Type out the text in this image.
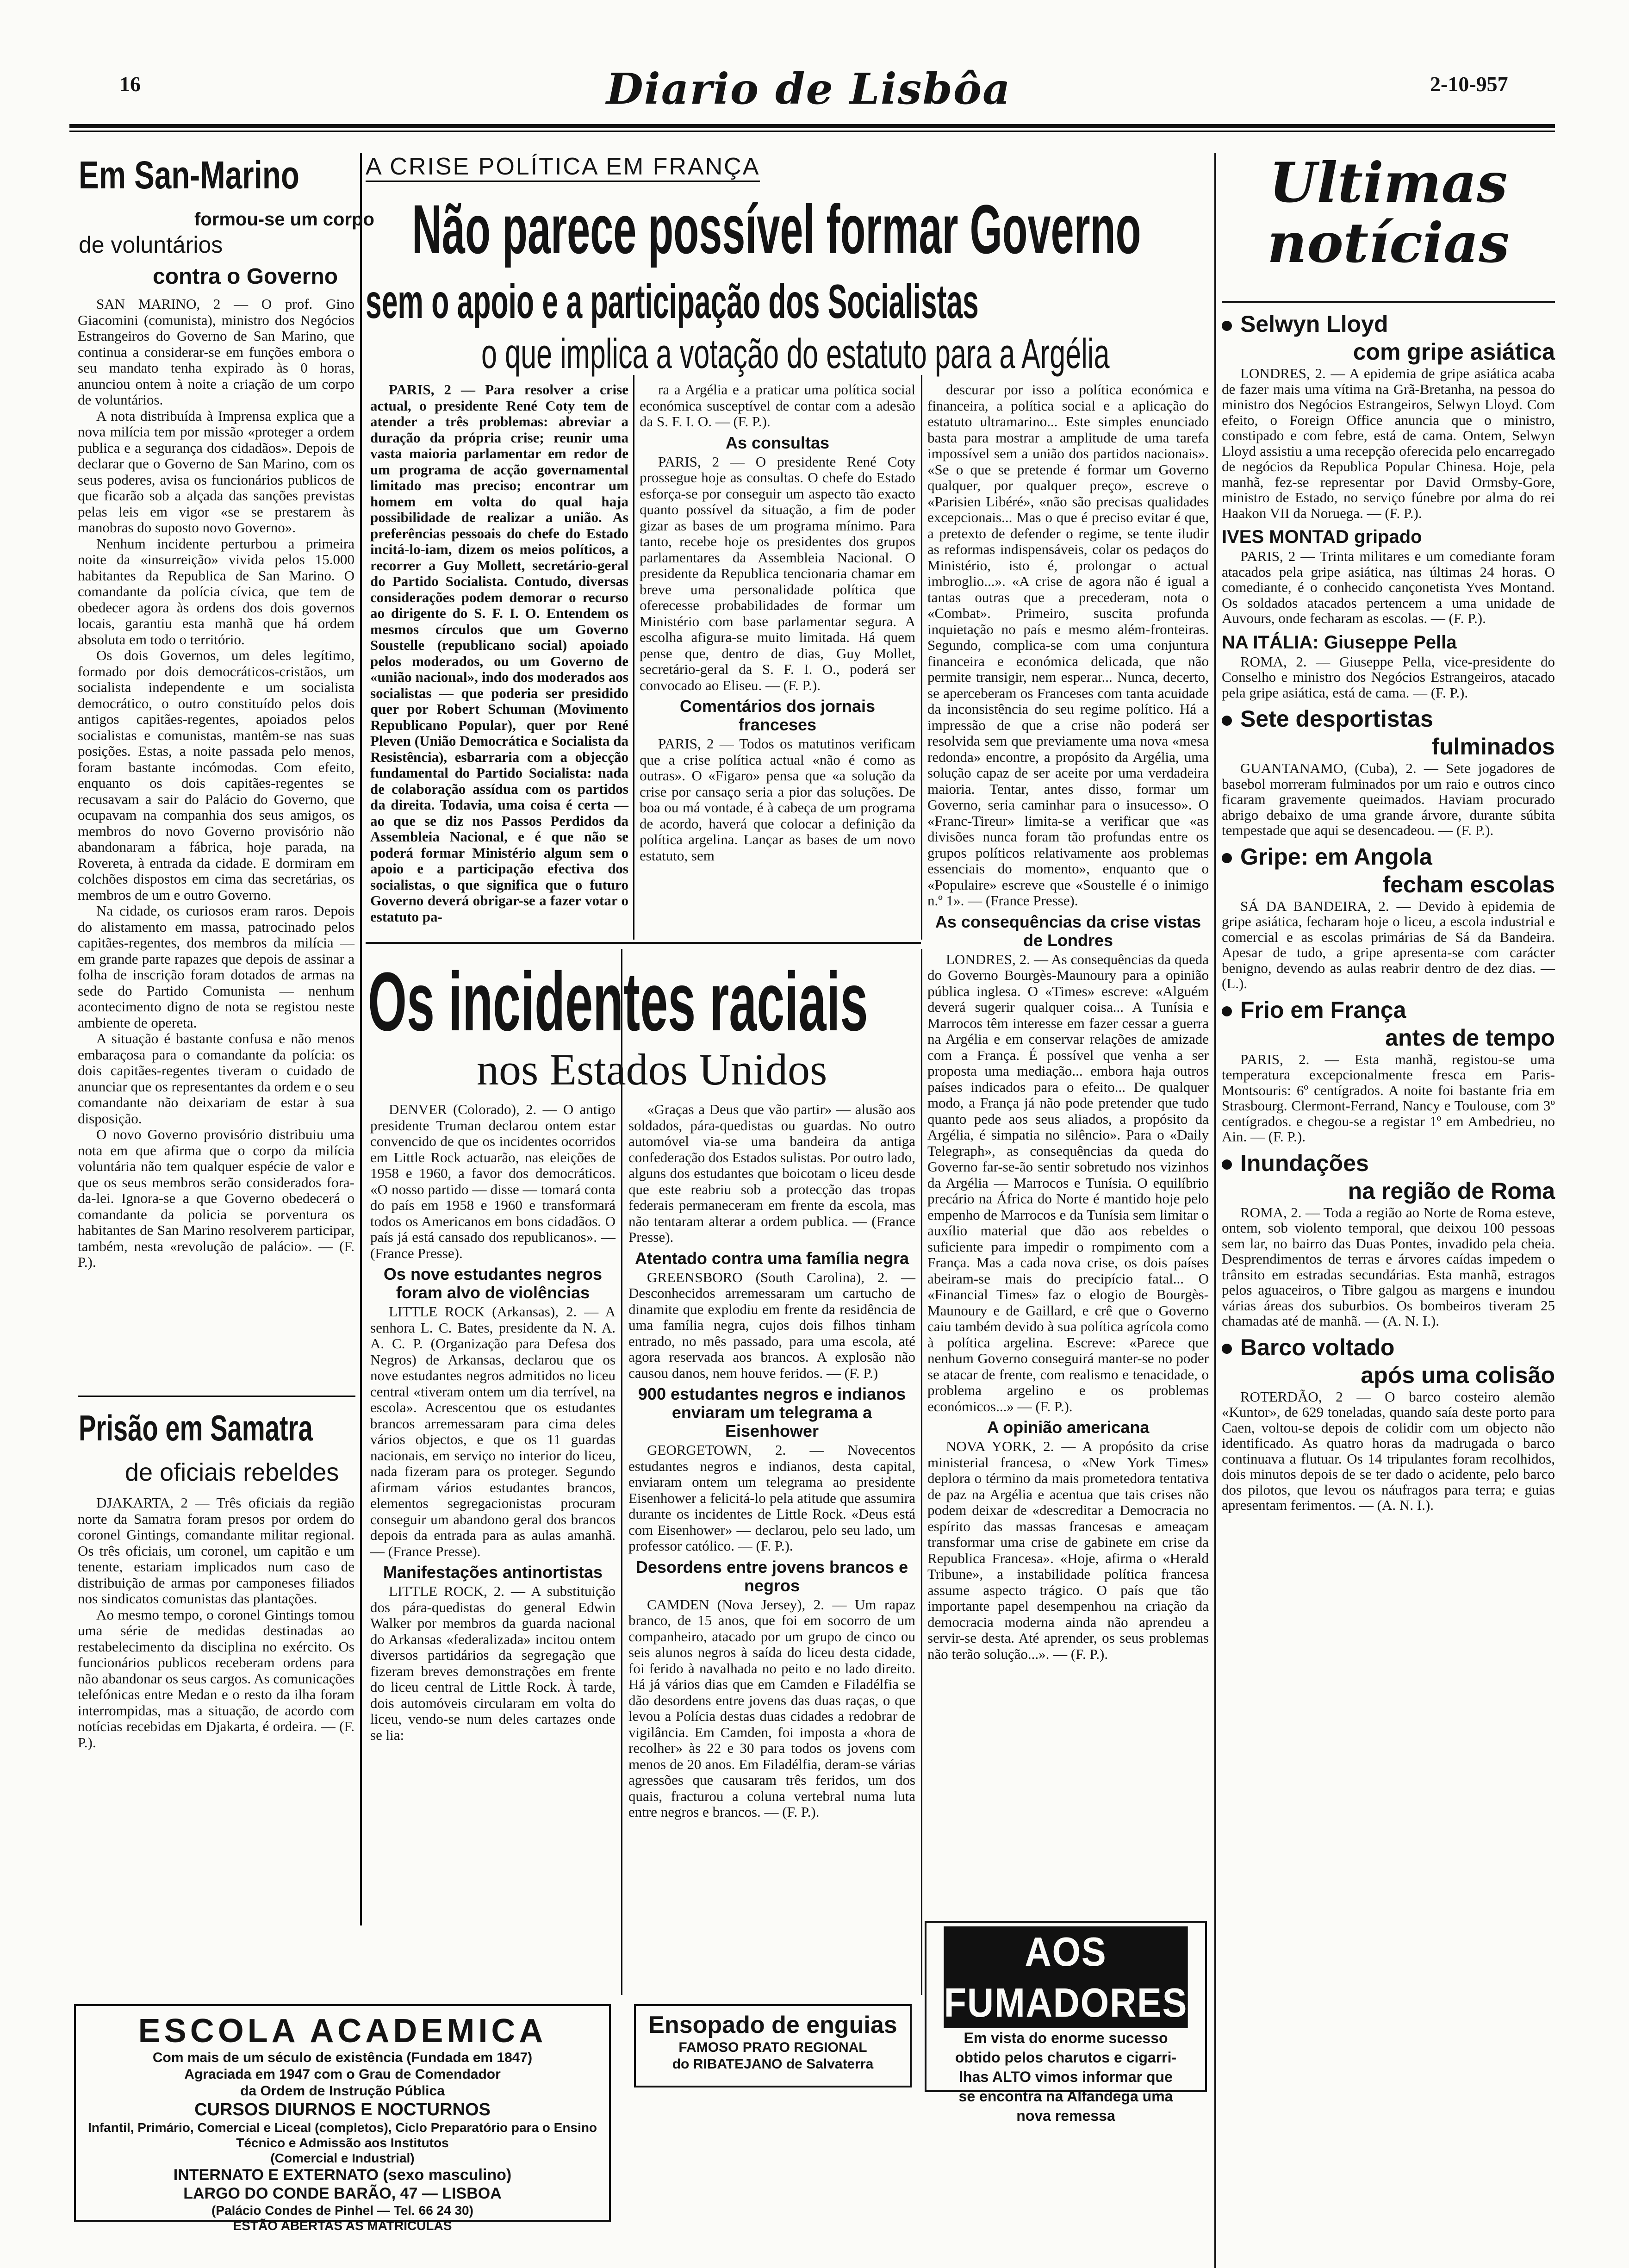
16	Diario de Lisbôa	2-10-957
Em San-Marino
formou-se um corpo
de voluntários
contra o Governo

SAN MARINO, 2 — O prof. Gino Giacomini (comunista), ministro dos Negócios Estrangeiros do Governo de San Marino, que continua a considerar-se em funções embora o seu mandato tenha expirado às 0 horas, anunciou ontem à noite a criação de um corpo de voluntários.

A nota distribuída à Imprensa explica que a nova milícia tem por missão «proteger a ordem publica e a segurança dos cidadãos». Depois de declarar que o Governo de San Marino, com os seus poderes, avisa os funcionários publicos de que ficarão sob a alçada das sanções previstas pelas leis em vigor «se se prestarem às manobras do suposto novo Governo».

Nenhum incidente perturbou a primeira noite da «insurreição» vivida pelos 15.000 habitantes da Republica de San Marino. O comandante da polícia cívica, que tem de obedecer agora às ordens dos dois governos locais, garantiu esta manhã que há ordem absoluta em todo o território.

Os dois Governos, um deles legítimo, formado por dois democráticos-cristãos, um socialista independente e um socialista democrático, o outro constituído pelos dois antigos capitães-regentes, apoiados pelos socialistas e comunistas, mantêm-se nas suas posições. Estas, a noite passada pelo menos, foram bastante incómodas. Com efeito, enquanto os dois capitães-regentes se recusavam a sair do Palácio do Governo, que ocupavam na companhia dos seus amigos, os membros do novo Governo provisório não abandonaram a fábrica, hoje parada, na Rovereta, à entrada da cidade. E dormiram em colchões dispostos em cima das secretárias, os membros de um e outro Governo.

Na cidade, os curiosos eram raros. Depois do alistamento em massa, patrocinado pelos capitães-regentes, dos membros da milícia — em grande parte rapazes que depois de assinar a folha de inscrição foram dotados de armas na sede do Partido Comunista — nenhum acontecimento digno de nota se registou neste ambiente de opereta.

A situação é bastante confusa e não menos embaraçosa para o comandante da polícia: os dois capitães-regentes tiveram o cuidado de anunciar que os representantes da ordem e o seu comandante não deixariam de estar à sua disposição.

O novo Governo provisório distribuiu uma nota em que afirma que o corpo da milícia voluntária não tem qualquer espécie de valor e que os seus membros serão considerados fora-da-lei. Ignora-se a que Governo obedecerá o comandante da policia se porventura os habitantes de San Marino resolverem participar, também, nesta «revolução de palácio». — (F. P.).

Prisão em Samatra
de oficiais rebeldes

DJAKARTA, 2 — Três oficiais da região norte da Samatra foram presos por ordem do coronel Gintings, comandante militar regional. Os três oficiais, um coronel, um capitão e um tenente, estariam implicados num caso de distribuição de armas por camponeses filiados nos sindicatos comunistas das plantações.

Ao mesmo tempo, o coronel Gintings tomou uma série de medidas destinadas ao restabelecimento da disciplina no exército. Os funcionários publicos receberam ordens para não abandonar os seus cargos. As comunicações telefónicas entre Medan e o resto da ilha foram interrompidas, mas a situação, de acordo com notícias recebidas em Djakarta, é ordeira. — (F. P.).

A CRISE POLÍTICA EM FRANÇA
Não parece possível formar Governo
sem o apoio e a participação dos Socialistas
o que implica a votação do estatuto para a Argélia

PARIS, 2 — Para resolver a crise actual, o presidente René Coty tem de atender a três problemas: abreviar a duração da própria crise; reunir uma vasta maioria parlamentar em redor de um programa de acção governamental limitado mas preciso; encontrar um homem em volta do qual haja possibilidade de realizar a união. As preferências pessoais do chefe do Estado incitá-lo-iam, dizem os meios políticos, a recorrer a Guy Mollett, secretário-geral do Partido Socialista. Contudo, diversas considerações podem demorar o recurso ao dirigente do S. F. I. O. Entendem os mesmos círculos que um Governo Soustelle (republicano social) apoiado pelos moderados, ou um Governo de «união nacional», indo dos moderados aos socialistas — que poderia ser presidido quer por Robert Schuman (Movimento Republicano Popular), quer por René Pleven (União Democrática e Socialista da Resistência), esbarraria com a objecção fundamental do Partido Socialista: nada de colaboração assídua com os partidos da direita. Todavia, uma coisa é certa — ao que se diz nos Passos Perdidos da Assembleia Nacional, e é que não se poderá formar Ministério algum sem o apoio e a participação efectiva dos socialistas, o que significa que o futuro Governo deverá obrigar-se a fazer votar o estatuto pa-

ra a Argélia e a praticar uma política social económica susceptível de contar com a adesão da S. F. I. O. — (F. P.).

As consultas

PARIS, 2 — O presidente René Coty prossegue hoje as consultas. O chefe do Estado esforça-se por conseguir um aspecto tão exacto quanto possível da situação, a fim de poder gizar as bases de um programa mínimo. Para tanto, recebe hoje os presidentes dos grupos parlamentares da Assembleia Nacional. O presidente da Republica tencionaria chamar em breve uma personalidade política que oferecesse probabilidades de formar um Ministério com base parlamentar segura. A escolha afigura-se muito limitada. Há quem pense que, dentro de dias, Guy Mollet, secretário-geral da S. F. I. O., poderá ser convocado ao Eliseu. — (F. P.).

Comentários dos jornais franceses

PARIS, 2 — Todos os matutinos verificam que a crise política actual «não é como as outras». O «Figaro» pensa que «a solução da crise por cansaço seria a pior das soluções. De boa ou má vontade, é à cabeça de um programa de acordo, haverá que colocar a definição da política argelina. Lançar as bases de um novo estatuto, sem

descurar por isso a política económica e financeira, a política social e a aplicação do estatuto ultramarino... Este simples enunciado basta para mostrar a amplitude de uma tarefa impossível sem a união dos partidos nacionais». «Se o que se pretende é formar um Governo qualquer, por qualquer preço», escreve o «Parisien Libéré», «não são precisas qualidades excepcionais... Mas o que é preciso evitar é que, a pretexto de defender o regime, se tente iludir as reformas indispensáveis, colar os pedaços do Ministério, isto é, prolongar o actual imbroglio...». «A crise de agora não é igual a tantas outras que a precederam, nota o «Combat». Primeiro, suscita profunda inquietação no país e mesmo além-fronteiras. Segundo, complica-se com uma conjuntura financeira e económica delicada, que não permite transigir, nem esperar... Nunca, decerto, se aperceberam os Franceses com tanta acuidade da inconsistência do seu regime político. Há a impressão de que a crise não poderá ser resolvida sem que previamente uma nova «mesa redonda» encontre, a propósito da Argélia, uma solução capaz de ser aceite por uma verdadeira maioria. Tentar, antes disso, formar um Governo, seria caminhar para o insucesso». O «Franc-Tireur» limita-se a verificar que «as divisões nunca foram tão profundas entre os grupos políticos relativamente aos problemas essenciais do momento», enquanto que o «Populaire» escreve que «Soustelle é o inimigo n.º 1». — (France Presse).

As consequências da crise vistas de Londres

LONDRES, 2. — As consequências da queda do Governo Bourgès-Maunoury para a opinião pública inglesa. O «Times» escreve: «Alguém deverá sugerir qualquer coisa... A Tunísia e Marrocos têm interesse em fazer cessar a guerra na Argélia e em conservar relações de amizade com a França. É possível que venha a ser proposta uma mediação... embora haja outros países indicados para o efeito... De qualquer modo, a França já não pode pretender que tudo quanto pede aos seus aliados, a propósito da Argélia, é simpatia no silêncio». Para o «Daily Telegraph», as consequências da queda do Governo far-se-ão sentir sobretudo nos vizinhos da Argélia — Marrocos e Tunísia. O equilíbrio precário na África do Norte é mantido hoje pelo empenho de Marrocos e da Tunísia sem limitar o auxílio material que dão aos rebeldes o suficiente para impedir o rompimento com a França. Mas a cada nova crise, os dois países abeiram-se mais do precipício fatal... O «Financial Times» faz o elogio de Bourgès-Maunoury e de Gaillard, e crê que o Governo caiu também devido à sua política agrícola como à política argelina. Escreve: «Parece que nenhum Governo conseguirá manter-se no poder se atacar de frente, com realismo e tenacidade, o problema argelino e os problemas económicos...» — (F. P.).

A opinião americana

NOVA YORK, 2. — A propósito da crise ministerial francesa, o «New York Times» deplora o término da mais prometedora tentativa de paz na Argélia e acentua que tais crises não podem deixar de «descreditar a Democracia no espírito das massas francesas e ameaçam transformar uma crise de gabinete em crise da Republica Francesa». «Hoje, afirma o «Herald Tribune», a instabilidade política francesa assume aspecto trágico. O país que tão importante papel desempenhou na criação da democracia moderna ainda não aprendeu a servir-se desta. Até aprender, os seus problemas não terão solução...». — (F. P.).

Os incidentes raciais
nos Estados Unidos

DENVER (Colorado), 2. — O antigo presidente Truman declarou ontem estar convencido de que os incidentes ocorridos em Little Rock actuarão, nas eleições de 1958 e 1960, a favor dos democráticos. «O nosso partido — disse — tomará conta do país em 1958 e 1960 e transformará todos os Americanos em bons cidadãos. O país já está cansado dos republicanos». — (France Presse).

Os nove estudantes negros foram alvo de violências

LITTLE ROCK (Arkansas), 2. — A senhora L. C. Bates, presidente da N. A. A. C. P. (Organização para Defesa dos Negros) de Arkansas, declarou que os nove estudantes negros admitidos no liceu central «tiveram ontem um dia terrível, na escola». Acrescentou que os estudantes brancos arremessaram para cima deles vários objectos, e que os 11 guardas nacionais, em serviço no interior do liceu, nada fizeram para os proteger. Segundo afirmam vários estudantes brancos, elementos segregacionistas procuram conseguir um abandono geral dos brancos depois da entrada para as aulas amanhã. — (France Presse).

Manifestações antinortistas

LITTLE ROCK, 2. — A substituição dos pára-quedistas do general Edwin Walker por membros da guarda nacional do Arkansas «federalizada» incitou ontem diversos partidários da segregação que fizeram breves demonstrações em frente do liceu central de Little Rock. À tarde, dois automóveis circularam em volta do liceu, vendo-se num deles cartazes onde se lia:

«Graças a Deus que vão partir» — alusão aos soldados, pára-quedistas ou guardas. No outro automóvel via-se uma bandeira da antiga confederação dos Estados sulistas. Por outro lado, alguns dos estudantes que boicotam o liceu desde que este reabriu sob a protecção das tropas federais permaneceram em frente da escola, mas não tentaram alterar a ordem publica. — (France Presse).

Atentado contra uma família negra

GREENSBORO (South Carolina), 2. — Desconhecidos arremessaram um cartucho de dinamite que explodiu em frente da residência de uma família negra, cujos dois filhos tinham entrado, no mês passado, para uma escola, até agora reservada aos brancos. A explosão não causou danos, nem houve feridos. — (F. P.)

900 estudantes negros e indianos enviaram um telegrama a Eisenhower

GEORGETOWN, 2. — Novecentos estudantes negros e indianos, desta capital, enviaram ontem um telegrama ao presidente Eisenhower a felicitá-lo pela atitude que assumira durante os incidentes de Little Rock. «Deus está com Eisenhower» — declarou, pelo seu lado, um professor católico. — (F. P.).

Desordens entre jovens brancos e negros

CAMDEN (Nova Jersey), 2. — Um rapaz branco, de 15 anos, que foi em socorro de um companheiro, atacado por um grupo de cinco ou seis alunos negros à saída do liceu desta cidade, foi ferido à navalhada no peito e no lado direito. Há já vários dias que em Camden e Filadélfia se dão desordens entre jovens das duas raças, o que levou a Polícia destas duas cidades a redobrar de vigilância. Em Camden, foi imposta a «hora de recolher» às 22 e 30 para todos os jovens com menos de 20 anos. Em Filadélfia, deram-se várias agressões que causaram três feridos, um dos quais, fracturou a coluna vertebral numa luta entre negros e brancos. — (F. P.).

Ultimas
notícias
Selwyn Lloyd
com gripe asiática

LONDRES, 2. — A epidemia de gripe asiática acaba de fazer mais uma vítima na Grã-Bretanha, na pessoa do ministro dos Negócios Estrangeiros, Selwyn Lloyd. Com efeito, o Foreign Office anuncia que o ministro, constipado e com febre, está de cama. Ontem, Selwyn Lloyd assistiu a uma recepção oferecida pelo encarregado de negócios da Republica Popular Chinesa. Hoje, pela manhã, fez-se representar por David Ormsby-Gore, ministro de Estado, no serviço fúnebre por alma do rei Haakon VII da Noruega. — (F. P.).

IVES MONTAD gripado

PARIS, 2 — Trinta militares e um comediante foram atacados pela gripe asiática, nas últimas 24 horas. O comediante, é o conhecido cançonetista Yves Montand. Os soldados atacados pertencem a uma unidade de Auvours, onde fecharam as escolas. — (F. P.).

NA ITÁLIA: Giuseppe Pella

ROMA, 2. — Giuseppe Pella, vice-presidente do Conselho e ministro dos Negócios Estrangeiros, atacado pela gripe asiática, está de cama. — (F. P.).

Sete desportistas
fulminados

GUANTANAMO, (Cuba), 2. — Sete jogadores de basebol morreram fulminados por um raio e outros cinco ficaram gravemente queimados. Haviam procurado abrigo debaixo de uma grande árvore, durante súbita tempestade que aqui se desencadeou. — (F. P.).

Gripe: em Angola
fecham escolas

SÁ DA BANDEIRA, 2. — Devido à epidemia de gripe asiática, fecharam hoje o liceu, a escola industrial e comercial e as escolas primárias de Sá da Bandeira. Apesar de tudo, a gripe apresenta-se com carácter benigno, devendo as aulas reabrir dentro de dez dias. — (L.).

Frio em França
antes de tempo

PARIS, 2. — Esta manhã, registou-se uma temperatura excepcionalmente fresca em Paris-Montsouris: 6º centígrados. A noite foi bastante fria em Strasbourg. Clermont-Ferrand, Nancy e Toulouse, com 3º centígrados. e chegou-se a registar 1º em Ambedrieu, no Ain. — (F. P.).

Inundações
na região de Roma

ROMA, 2. — Toda a região ao Norte de Roma esteve, ontem, sob violento temporal, que deixou 100 pessoas sem lar, no bairro das Duas Pontes, invadido pela cheia. Desprendimentos de terras e árvores caídas impedem o trânsito em estradas secundárias. Esta manhã, estragos pelos aguaceiros, o Tibre galgou as margens e inundou várias áreas dos suburbios. Os bombeiros tiveram 25 chamadas até de manhã. — (A. N. I.).

Barco voltado
após uma colisão

ROTERDÃO, 2 — O barco costeiro alemão «Kuntor», de 629 toneladas, quando saía deste porto para Caen, voltou-se depois de colidir com um objecto não identificado. As quatro horas da madrugada o barco continuava a flutuar. Os 14 tripulantes foram recolhidos, dois minutos depois de se ter dado o acidente, pelo barco dos pilotos, que levou os náufragos para terra; e guias apresentam ferimentos. — (A. N. I.).

ESCOLA ACADEMICA
Com mais de um século de existência (Fundada em 1847)
Agraciada em 1947 com o Grau de Comendador
da Ordem de Instrução Pública
CURSOS DIURNOS E NOCTURNOS
Infantil, Primário, Comercial e Liceal (completos), Ciclo Preparatório para o Ensino Técnico e Admissão aos Institutos
(Comercial e Industrial)
INTERNATO E EXTERNATO (sexo masculino)
LARGO DO CONDE BARÃO, 47 — LISBOA
(Palácio Condes de Pinhel — Tel. 66 24 30)
ESTÃO ABERTAS AS MATRICULAS
Ensopado de enguias
FAMOSO PRATO REGIONAL
do RIBATEJANO de Salvaterra
AOS FUMADORES
Em vista do enorme sucesso
obtido pelos charutos e cigarri-
lhas ALTO vimos informar que
se encontra na Alfandega uma
nova remessa
